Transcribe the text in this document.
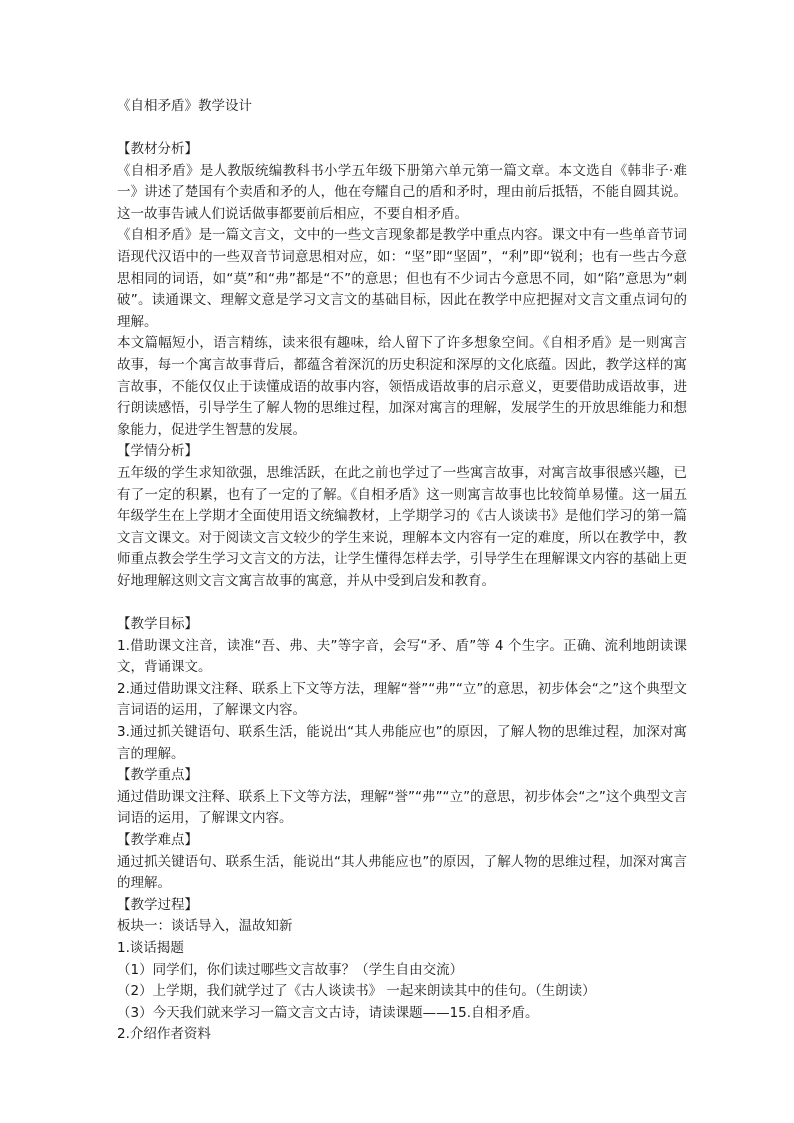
《自相矛盾》教学设计
【教材分析】

《自相矛盾》是人教版统编教科书小学五年级下册第六单元第一篇文章。本文选自《韩非子·难一》讲述了楚国有个卖盾和矛的人，他在夸耀自己的盾和矛时，理由前后抵牾，不能自圆其说。这一故事告诫人们说话做事都要前后相应，不要自相矛盾。

《自相矛盾》是一篇文言文，文中的一些文言现象都是教学中重点内容。课文中有一些单音节词语现代汉语中的一些双音节词意思相对应，如：“坚”即“坚固”，“利”即“锐利；也有一些古今意思相同的词语，如“莫”和“弗”都是“不”的意思；但也有不少词古今意思不同，如“陷”意思为“刺破”。读通课文、理解文意是学习文言文的基础目标，因此在教学中应把握对文言文重点词句的理解。

本文篇幅短小，语言精练，读来很有趣味，给人留下了许多想象空间。《自相矛盾》是一则寓言故事，每一个寓言故事背后，都蕴含着深沉的历史积淀和深厚的文化底蕴。因此，教学这样的寓言故事，不能仅仅止于读懂成语的故事内容，领悟成语故事的启示意义，更要借助成语故事，进行朗读感悟，引导学生了解人物的思维过程，加深对寓言的理解，发展学生的开放思维能力和想象能力，促进学生智慧的发展。

【学情分析】

五年级的学生求知欲强，思维活跃，在此之前也学过了一些寓言故事，对寓言故事很感兴趣，已有了一定的积累，也有了一定的了解。《自相矛盾》这一则寓言故事也比较简单易懂。这一届五年级学生在上学期才全面使用语文统编教材，上学期学习的《古人谈读书》是他们学习的第一篇文言文课文。对于阅读文言文较少的学生来说，理解本文内容有一定的难度，所以在教学中，教师重点教会学生学习文言文的方法，让学生懂得怎样去学，引导学生在理解课文内容的基础上更好地理解这则文言文寓言故事的寓意，并从中受到启发和教育。

【教学目标】

1.借助课文注音，读准“吾、弗、夫”等字音，会写“矛、盾”等 4 个生字。正确、流利地朗读课文，背诵课文。

2.通过借助课文注释、联系上下文等方法，理解“誉”“弗”“立”的意思，初步体会“之”这个典型文言词语的运用，了解课文内容。

3.通过抓关键语句、联系生活，能说出“其人弗能应也”的原因，了解人物的思维过程，加深对寓言的理解。

【教学重点】

通过借助课文注释、联系上下文等方法，理解“誉”“弗”“立”的意思，初步体会“之”这个典型文言词语的运用，了解课文内容。

【教学难点】

通过抓关键语句、联系生活，能说出“其人弗能应也”的原因，了解人物的思维过程，加深对寓言的理解。

【教学过程】
板块一：谈话导入，温故知新
1.谈话揭题
（1）同学们，你们读过哪些文言故事？（学生自由交流）
（2）上学期，我们就学过了《古人谈读书》 一起来朗读其中的佳句。（生朗读）
（3）今天我们就来学习一篇文言文古诗，请读课题——15.自相矛盾。
2.介绍作者资料
